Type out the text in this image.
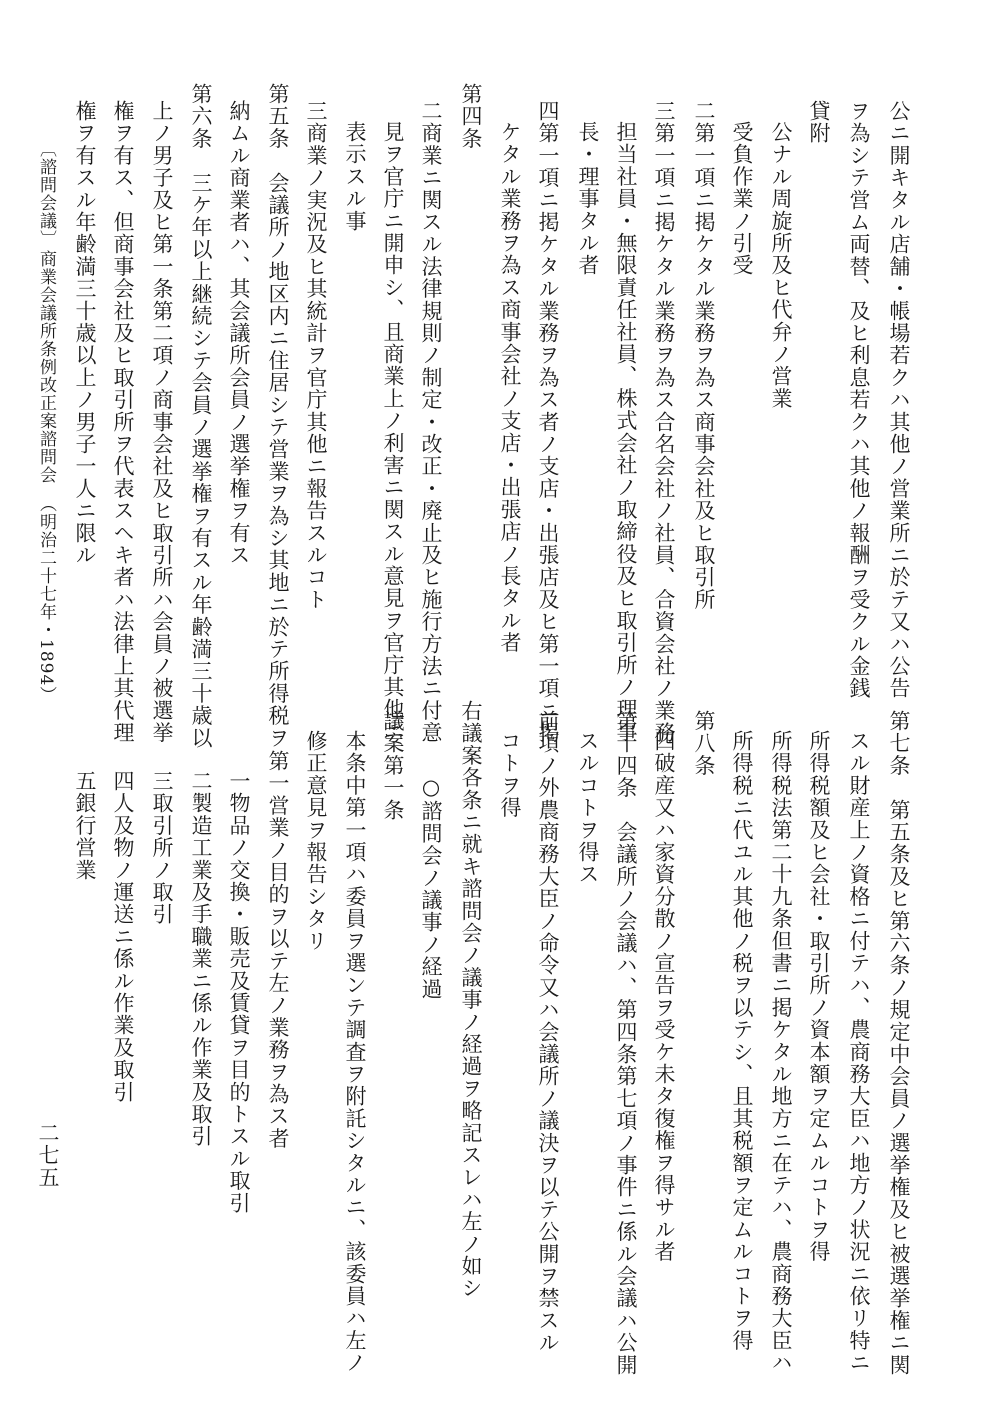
公ニ開キタル店舗・帳場若クハ其他ノ営業所ニ於テ又ハ公告
ヲ為シテ営ム両替、及ヒ利息若クハ其他ノ報酬ヲ受クル金銭
貸附
公ナル周旋所及ヒ代弁ノ営業
受負作業ノ引受
二第一項ニ掲ケタル業務ヲ為ス商事会社及ヒ取引所
三第一項ニ掲ケタル業務ヲ為ス合名会社ノ社員、合資会社ノ業務
担当社員・無限責任社員、株式会社ノ取締役及ヒ取引所ノ理事
長・理事タル者
四第一項ニ掲ケタル業務ヲ為ス者ノ支店・出張店及ヒ第一項ニ掲
ケタル業務ヲ為ス商事会社ノ支店・出張店ノ長タル者
第四条
二商業ニ関スル法律規則ノ制定・改正・廃止及ヒ施行方法ニ付意
見ヲ官庁ニ開申シ、且商業上ノ利害ニ関スル意見ヲ官庁其他ニ
表示スル事
三商業ノ実況及ヒ其統計ヲ官庁其他ニ報告スルコト
第五条　会議所ノ地区内ニ住居シテ営業ヲ為シ其地ニ於テ所得税ヲ
納ムル商業者ハ、其会議所会員ノ選挙権ヲ有ス
第六条　三ケ年以上継続シテ会員ノ選挙権ヲ有スル年齢満三十歳以
上ノ男子及ヒ第一条第二項ノ商事会社及ヒ取引所ハ会員ノ被選挙
権ヲ有ス、但商事会社及ヒ取引所ヲ代表スヘキ者ハ法律上其代理
権ヲ有スル年齢満三十歳以上ノ男子一人ニ限ル
〔諮問会議〕
商業会議所条例改正案諮問会
（明治二十七年・1894）
第七条　第五条及ヒ第六条ノ規定中会員ノ選挙権及ヒ被選挙権ニ関
スル財産上ノ資格ニ付テハ、農商務大臣ハ地方ノ状況ニ依リ特ニ
所得税額及ヒ会社・取引所ノ資本額ヲ定ムルコトヲ得
所得税法第二十九条但書ニ掲ケタル地方ニ在テハ、農商務大臣ハ
所得税ニ代ユル其他ノ税ヲ以テシ、且其税額ヲ定ムルコトヲ得
第八条
四破産又ハ家資分散ノ宣告ヲ受ケ未タ復権ヲ得サル者
第十四条　会議所ノ会議ハ、第四条第七項ノ事件ニ係ル会議ハ公開
スルコトヲ得ス
前項ノ外農商務大臣ノ命令又ハ会議所ノ議決ヲ以テ公開ヲ禁スル
コトヲ得
右議案各条ニ就キ諮問会ノ議事ノ経過ヲ略記スレハ左ノ如シ
○諮問会ノ議事ノ経過
議案第一条
本条中第一項ハ委員ヲ選ンテ調査ヲ附託シタルニ、該委員ハ左ノ
修正意見ヲ報告シタリ
第一営業ノ目的ヲ以テ左ノ業務ヲ為ス者
一物品ノ交換・販売及賃貸ヲ目的トスル取引
二製造工業及手職業ニ係ル作業及取引
三取引所ノ取引
四人及物ノ運送ニ係ル作業及取引
五銀行営業
二七五
